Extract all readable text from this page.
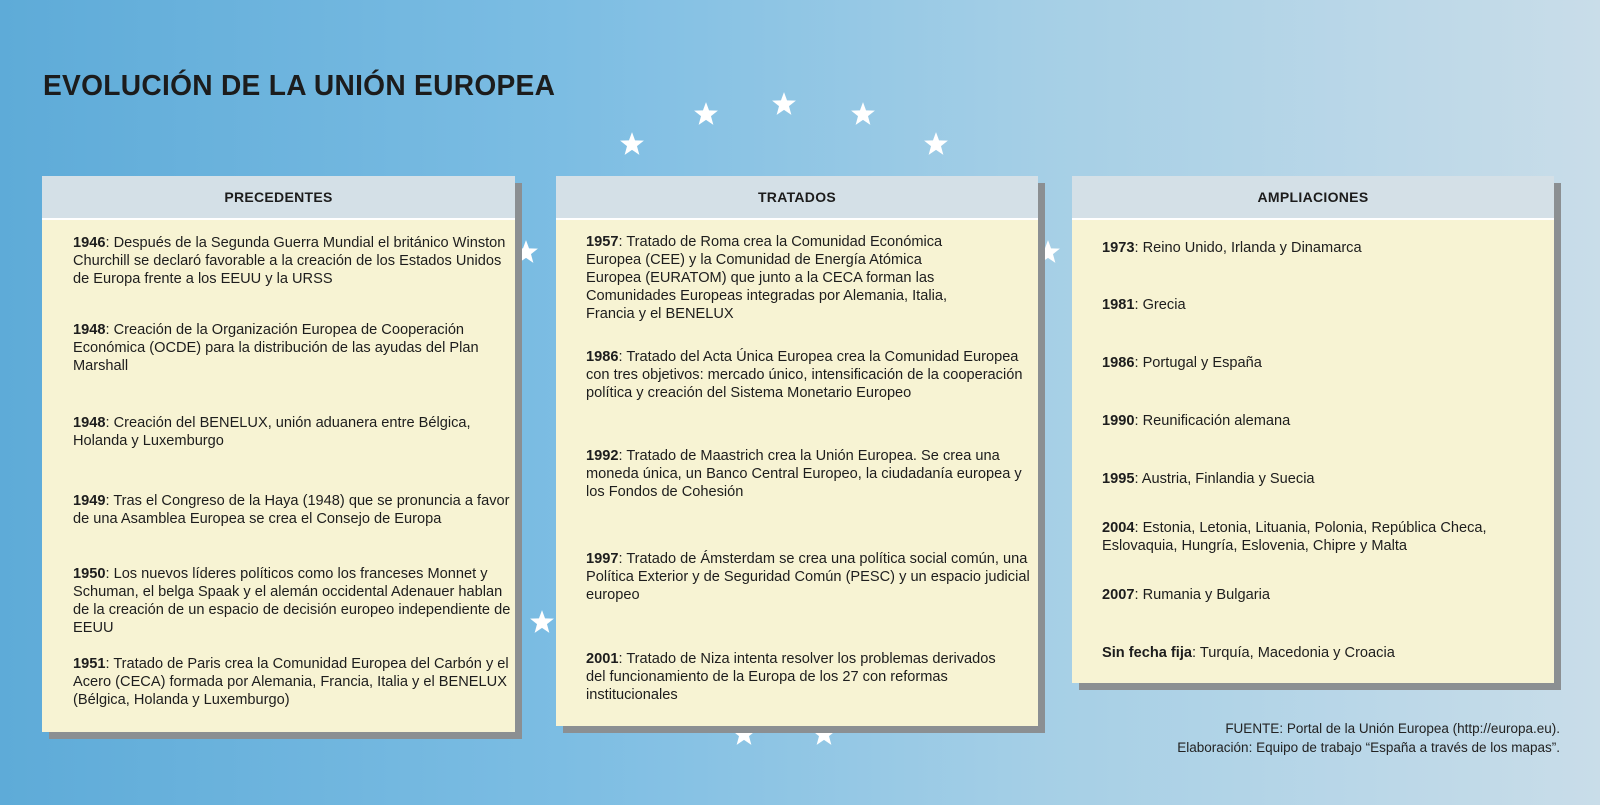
EVOLUCIÓN DE LA UNIÓN EUROPEA
PRECEDENTES
1946: Después de la Segunda Guerra Mundial el británico Winston Churchill se declaró favorable a la creación de los Estados Unidos de Europa frente a los EEUU y la URSS
1948: Creación de la Organización Europea de Cooperación Económica (OCDE) para la distribución de las ayudas del Plan Marshall
1948: Creación del BENELUX, unión aduanera entre Bélgica, Holanda y Luxemburgo
1949: Tras el Congreso de la Haya (1948) que se pronuncia a favor de una Asamblea Europea se crea el Consejo de Europa
1950: Los nuevos líderes políticos como los franceses Monnet y Schuman, el belga Spaak y el alemán occidental Adenauer hablan de la creación de un espacio de decisión europeo independiente de EEUU
1951: Tratado de Paris crea la Comunidad Europea del Carbón y el Acero (CECA) formada por Alemania, Francia, Italia y el BENELUX (Bélgica, Holanda y Luxemburgo)
TRATADOS
1957: Tratado de Roma crea la Comunidad Económica Europea (CEE) y la Comunidad de Energía Atómica Europea (EURATOM) que junto a la CECA forman las Comunidades Europeas integradas por Alemania, Italia, Francia y el BENELUX
1986: Tratado del Acta Única Europea crea la Comunidad Europea con tres objetivos: mercado único, intensificación de la cooperación política y creación del Sistema Monetario Europeo
1992: Tratado de Maastrich crea la Unión Europea. Se crea una moneda única, un Banco Central Europeo, la ciudadanía europea y los Fondos de Cohesión
1997: Tratado de Ámsterdam se crea una política social común, una Política Exterior y de Seguridad Común (PESC) y un espacio judicial europeo
2001: Tratado de Niza intenta resolver los problemas derivados del funcionamiento de la Europa de los 27 con reformas institucionales
AMPLIACIONES
1973: Reino Unido, Irlanda y Dinamarca
1981: Grecia
1986: Portugal y España
1990: Reunificación alemana
1995: Austria, Finlandia y Suecia
2004: Estonia, Letonia, Lituania, Polonia, República Checa, Eslovaquia, Hungría, Eslovenia, Chipre y Malta
2007: Rumania y Bulgaria
Sin fecha fija: Turquía, Macedonia y Croacia
FUENTE: Portal de la Unión Europea (http://europa.eu).
Elaboración: Equipo de trabajo “España a través de los mapas”.
